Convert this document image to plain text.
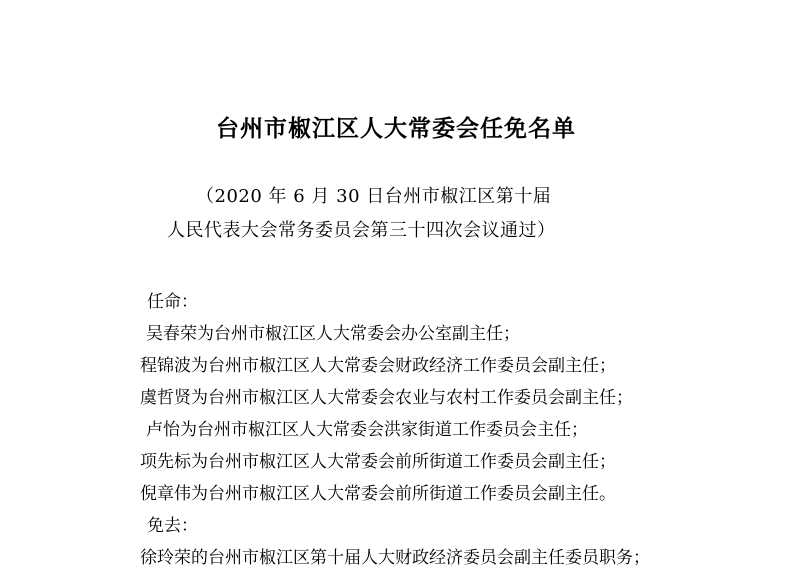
台州市椒江区人大常委会任免名单

（2020 年 6 月 30 日台州市椒江区第十届

人民代表大会常务委员会第三十四次会议通过）

任命：
吴春荣为台州市椒江区人大常委会办公室副主任；
程锦波为台州市椒江区人大常委会财政经济工作委员会副主任；
虞哲贤为台州市椒江区人大常委会农业与农村工作委员会副主任；
卢怡为台州市椒江区人大常委会洪家街道工作委员会主任；
项先标为台州市椒江区人大常委会前所街道工作委员会副主任；
倪章伟为台州市椒江区人大常委会前所街道工作委员会副主任。
免去：
徐玲荣的台州市椒江区第十届人大财政经济委员会副主任委员职务；
